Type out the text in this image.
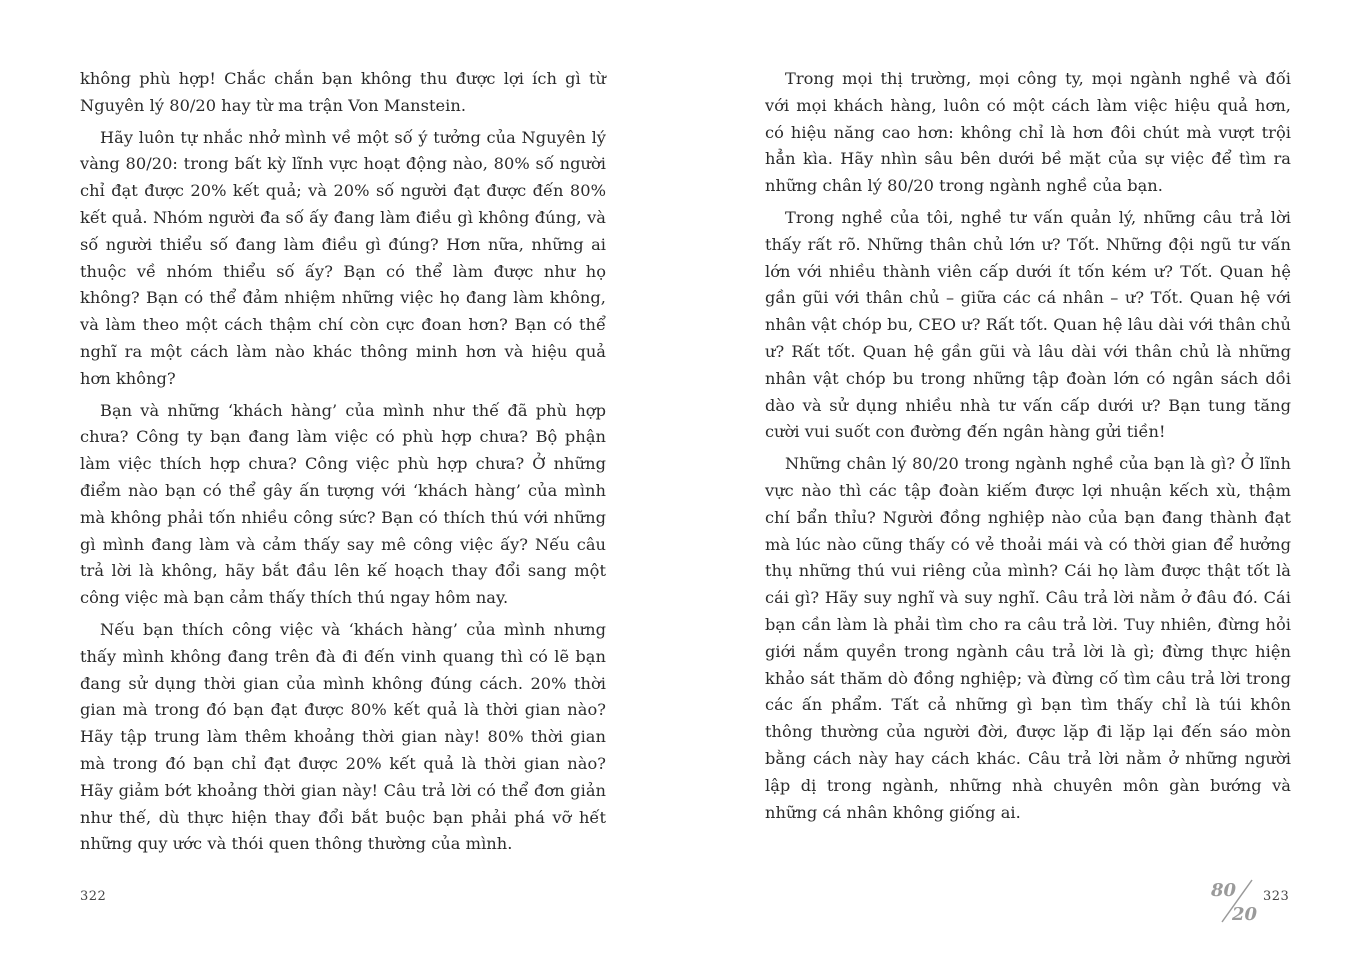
không phù hợp! Chắc chắn bạn không thu được lợi ích gì từ Nguyên lý 80/20 hay từ ma trận Von Manstein.

Hãy luôn tự nhắc nhở mình về một số ý tưởng của Nguyên lý vàng 80/20: trong bất kỳ lĩnh vực hoạt động nào, 80% số người chỉ đạt được 20% kết quả; và 20% số người đạt được đến 80% kết quả. Nhóm người đa số ấy đang làm điều gì không đúng, và số người thiểu số đang làm điều gì đúng? Hơn nữa, những ai thuộc về nhóm thiểu số ấy? Bạn có thể làm được như họ không? Bạn có thể đảm nhiệm những việc họ đang làm không, và làm theo một cách thậm chí còn cực đoan hơn? Bạn có thể nghĩ ra một cách làm nào khác thông minh hơn và hiệu quả hơn không?

Bạn và những ‘khách hàng’ của mình như thế đã phù hợp chưa? Công ty bạn đang làm việc có phù hợp chưa? Bộ phận làm việc thích hợp chưa? Công việc phù hợp chưa? Ở những điểm nào bạn có thể gây ấn tượng với ‘khách hàng’ của mình mà không phải tốn nhiều công sức? Bạn có thích thú với những gì mình đang làm và cảm thấy say mê công việc ấy? Nếu câu trả lời là không, hãy bắt đầu lên kế hoạch thay đổi sang một công việc mà bạn cảm thấy thích thú ngay hôm nay.

Nếu bạn thích công việc và ‘khách hàng’ của mình nhưng thấy mình không đang trên đà đi đến vinh quang thì có lẽ bạn đang sử dụng thời gian của mình không đúng cách. 20% thời gian mà trong đó bạn đạt được 80% kết quả là thời gian nào? Hãy tập trung làm thêm khoảng thời gian này! 80% thời gian mà trong đó bạn chỉ đạt được 20% kết quả là thời gian nào? Hãy giảm bớt khoảng thời gian này! Câu trả lời có thể đơn giản như thế, dù thực hiện thay đổi bắt buộc bạn phải phá vỡ hết những quy ước và thói quen thông thường của mình.

Trong mọi thị trường, mọi công ty, mọi ngành nghề và đối với mọi khách hàng, luôn có một cách làm việc hiệu quả hơn, có hiệu năng cao hơn: không chỉ là hơn đôi chút mà vượt trội hẳn kìa. Hãy nhìn sâu bên dưới bề mặt của sự việc để tìm ra những chân lý 80/20 trong ngành nghề của bạn.

Trong nghề của tôi, nghề tư vấn quản lý, những câu trả lời thấy rất rõ. Những thân chủ lớn ư? Tốt. Những đội ngũ tư vấn lớn với nhiều thành viên cấp dưới ít tốn kém ư? Tốt. Quan hệ gần gũi với thân chủ – giữa các cá nhân – ư? Tốt. Quan hệ với nhân vật chóp bu, CEO ư? Rất tốt. Quan hệ lâu dài với thân chủ ư? Rất tốt. Quan hệ gần gũi và lâu dài với thân chủ là những nhân vật chóp bu trong những tập đoàn lớn có ngân sách dồi dào và sử dụng nhiều nhà tư vấn cấp dưới ư? Bạn tung tăng cười vui suốt con đường đến ngân hàng gửi tiền!

Những chân lý 80/20 trong ngành nghề của bạn là gì? Ở lĩnh vực nào thì các tập đoàn kiếm được lợi nhuận kếch xù, thậm chí bẩn thỉu? Người đồng nghiệp nào của bạn đang thành đạt mà lúc nào cũng thấy có vẻ thoải mái và có thời gian để hưởng thụ những thú vui riêng của mình? Cái họ làm được thật tốt là cái gì? Hãy suy nghĩ và suy nghĩ. Câu trả lời nằm ở đâu đó. Cái bạn cần làm là phải tìm cho ra câu trả lời. Tuy nhiên, đừng hỏi giới nắm quyền trong ngành câu trả lời là gì; đừng thực hiện khảo sát thăm dò đồng nghiệp; và đừng cố tìm câu trả lời trong các ấn phẩm. Tất cả những gì bạn tìm thấy chỉ là túi khôn thông thường của người đời, được lặp đi lặp lại đến sáo mòn bằng cách này hay cách khác. Câu trả lời nằm ở những người lập dị trong ngành, những nhà chuyên môn gàn bướng và những cá nhân không giống ai.

322	80
20
323
